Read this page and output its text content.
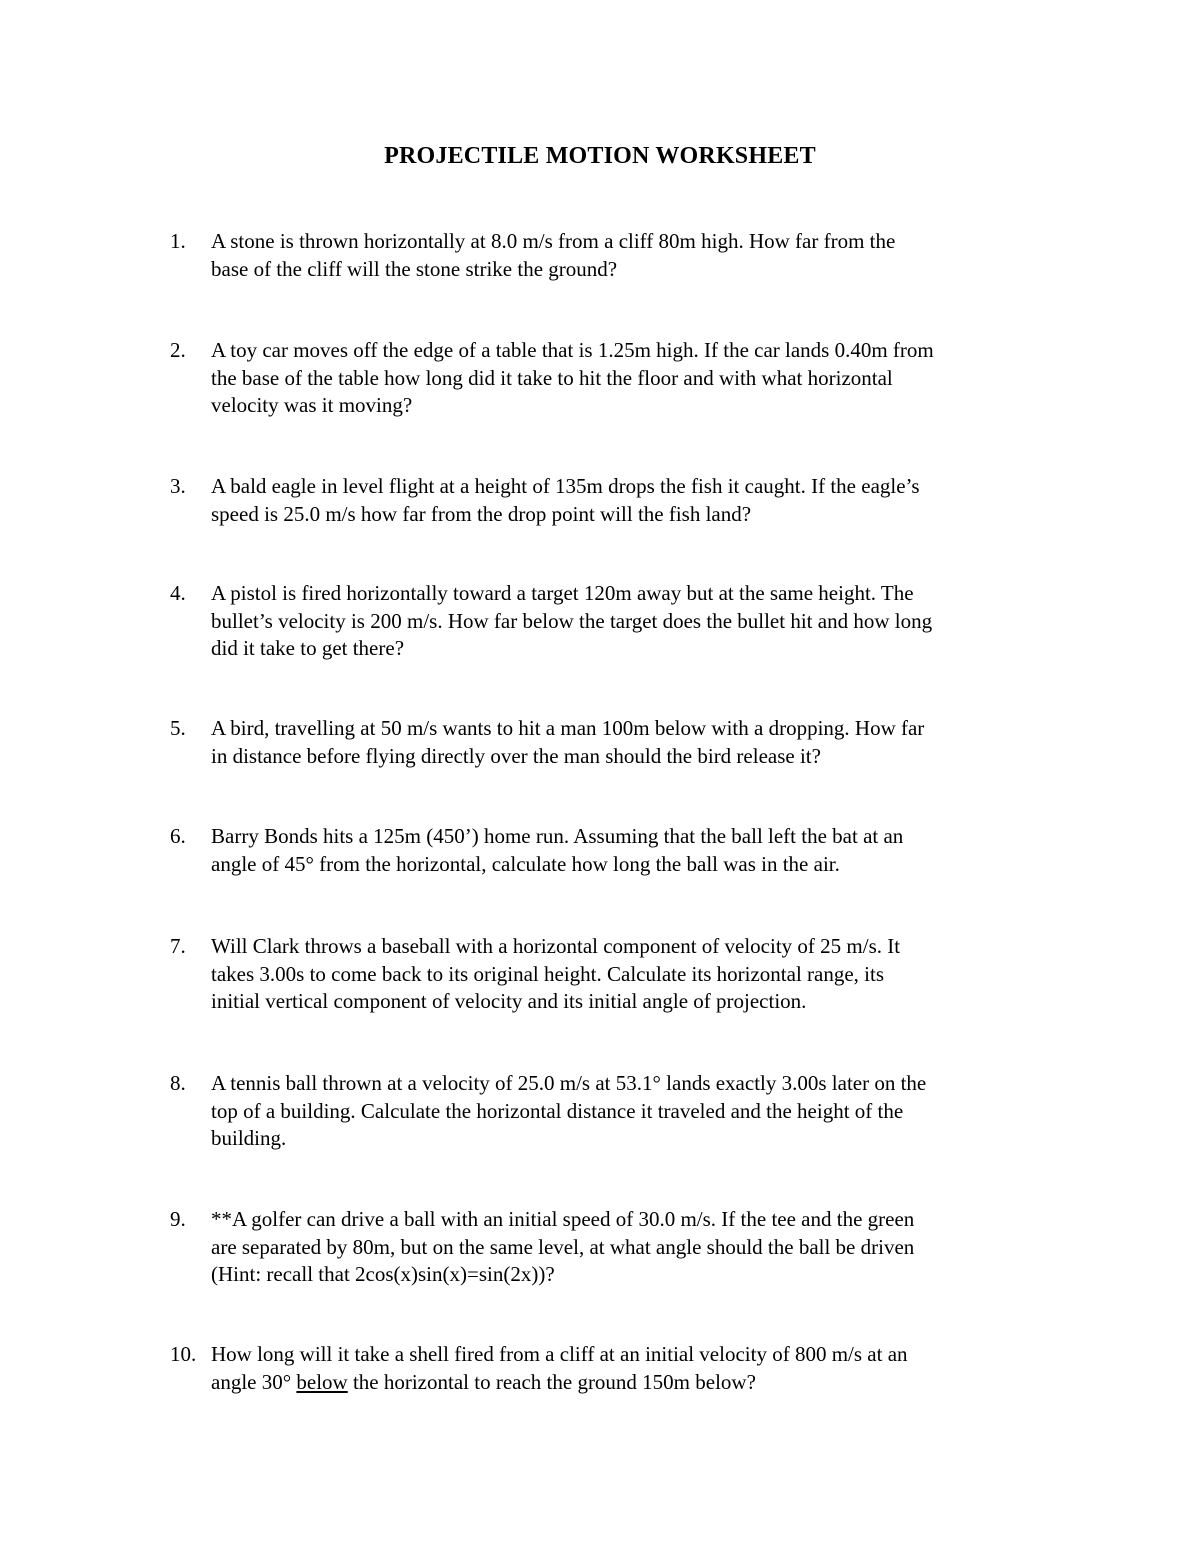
PROJECTILE MOTION WORKSHEET
1.	A stone is thrown horizontally at 8.0 m/s from a cliff 80m high. How far from the
base of the cliff will the stone strike the ground?
2.	A toy car moves off the edge of a table that is 1.25m high. If the car lands 0.40m from
the base of the table how long did it take to hit the floor and with what horizontal
velocity was it moving?
3.	A bald eagle in level flight at a height of 135m drops the fish it caught. If the eagle’s
speed is 25.0 m/s how far from the drop point will the fish land?
4.	A pistol is fired horizontally toward a target 120m away but at the same height. The
bullet’s velocity is 200 m/s. How far below the target does the bullet hit and how long
did it take to get there?
5.	A bird, travelling at 50 m/s wants to hit a man 100m below with a dropping. How far
in distance before flying directly over the man should the bird release it?
6.	Barry Bonds hits a 125m (450’) home run. Assuming that the ball left the bat at an
angle of 45° from the horizontal, calculate how long the ball was in the air.
7.	Will Clark throws a baseball with a horizontal component of velocity of 25 m/s. It
takes 3.00s to come back to its original height. Calculate its horizontal range, its
initial vertical component of velocity and its initial angle of projection.
8.	A tennis ball thrown at a velocity of 25.0 m/s at 53.1° lands exactly 3.00s later on the
top of a building. Calculate the horizontal distance it traveled and the height of the
building.
9.	**A golfer can drive a ball with an initial speed of 30.0 m/s. If the tee and the green
are separated by 80m, but on the same level, at what angle should the ball be driven
(Hint: recall that 2cos(x)sin(x)=sin(2x))?
10. How long will it take a shell fired from a cliff at an initial velocity of 800 m/s at an
angle 30° below the horizontal to reach the ground 150m below?
